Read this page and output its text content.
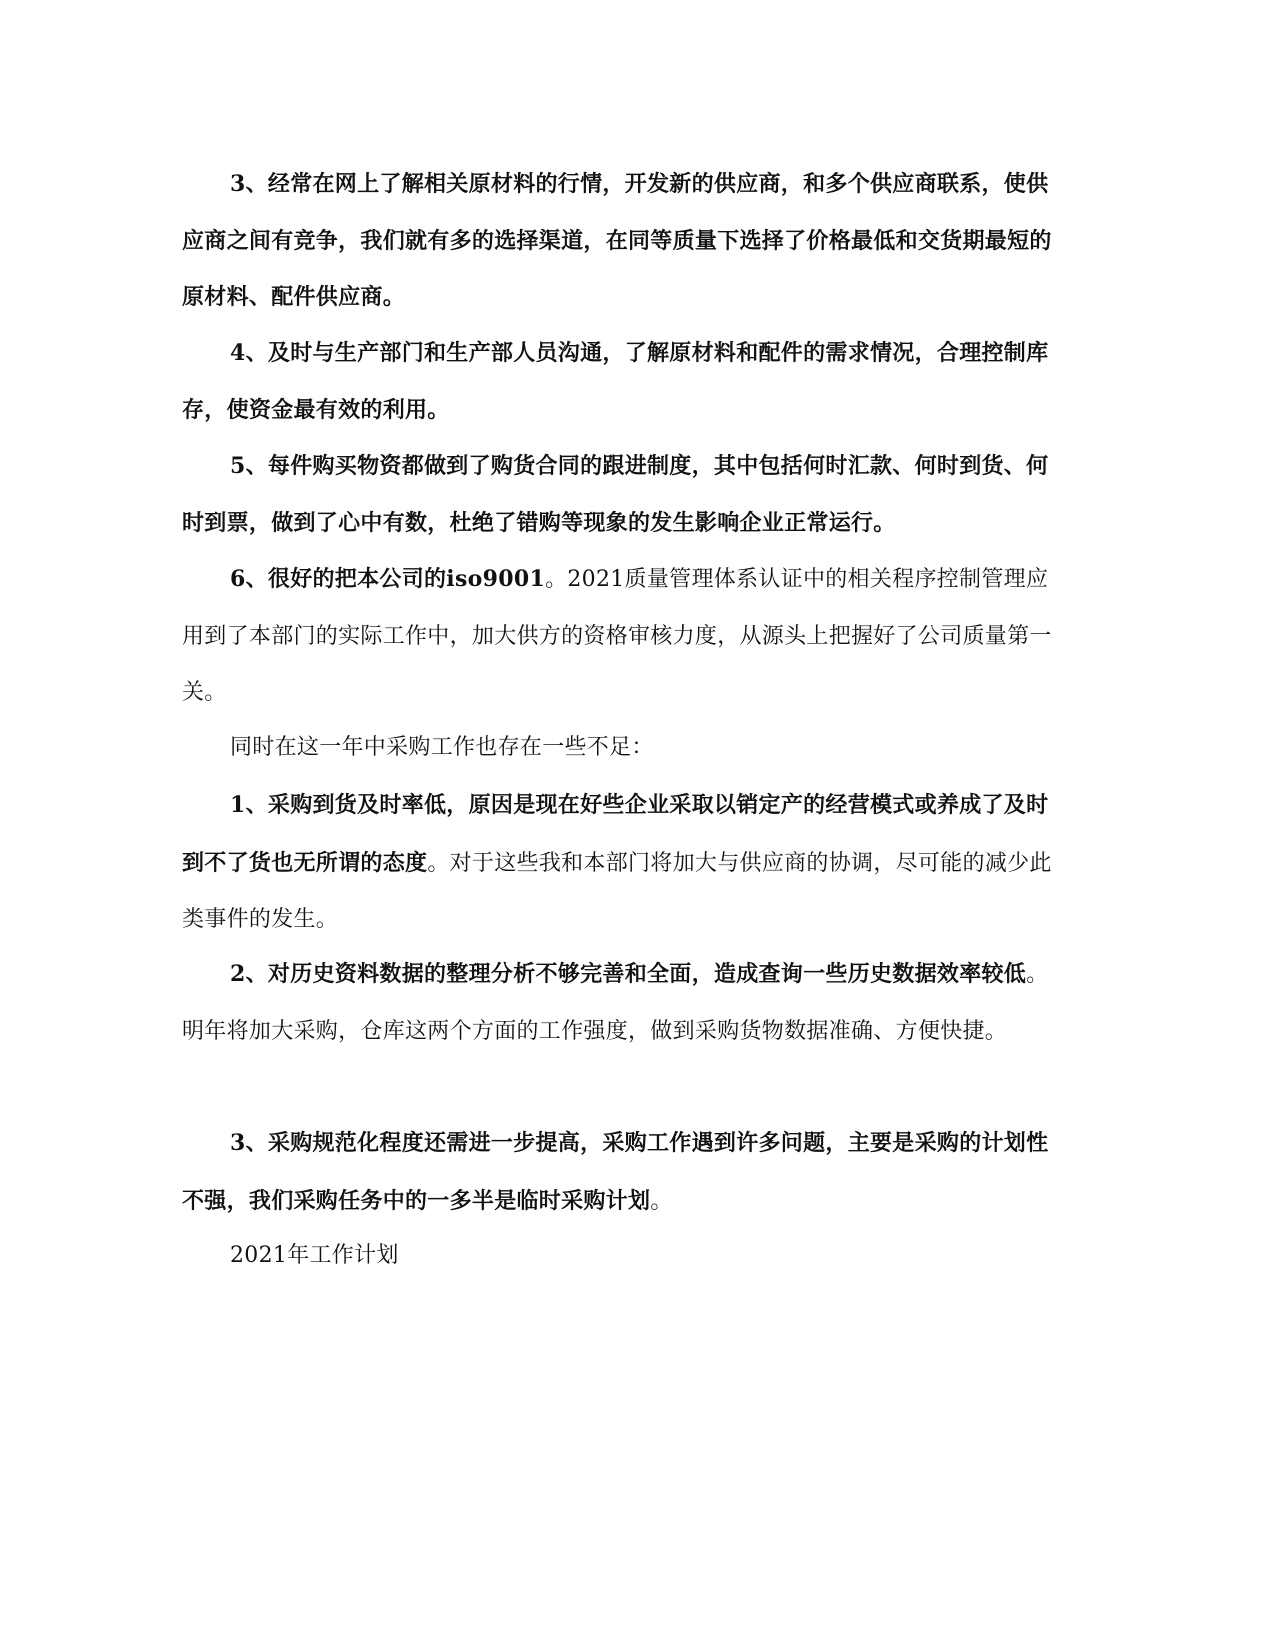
3、经常在网上了解相关原材料的行情，开发新的供应商，和多个供应商联系，使供应商之间有竞争，我们就有多的选择渠道，在同等质量下选择了价格最低和交货期最短的原材料、配件供应商。

4、及时与生产部门和生产部人员沟通，了解原材料和配件的需求情况，合理控制库存，使资金最有效的利用。

5、每件购买物资都做到了购货合同的跟进制度，其中包括何时汇款、何时到货、何时到票，做到了心中有数，杜绝了错购等现象的发生影响企业正常运行。

6、很好的把本公司的iso9001。2021质量管理体系认证中的相关程序控制管理应用到了本部门的实际工作中，加大供方的资格审核力度，从源头上把握好了公司质量第一关。

同时在这一年中采购工作也存在一些不足：

1、采购到货及时率低，原因是现在好些企业采取以销定产的经营模式或养成了及时到不了货也无所谓的态度。对于这些我和本部门将加大与供应商的协调，尽可能的减少此类事件的发生。

2、对历史资料数据的整理分析不够完善和全面，造成查询一些历史数据效率较低。明年将加大采购，仓库这两个方面的工作强度，做到采购货物数据准确、方便快捷。

3、采购规范化程度还需进一步提高，采购工作遇到许多问题，主要是采购的计划性不强，我们采购任务中的一多半是临时采购计划。

2021年工作计划
